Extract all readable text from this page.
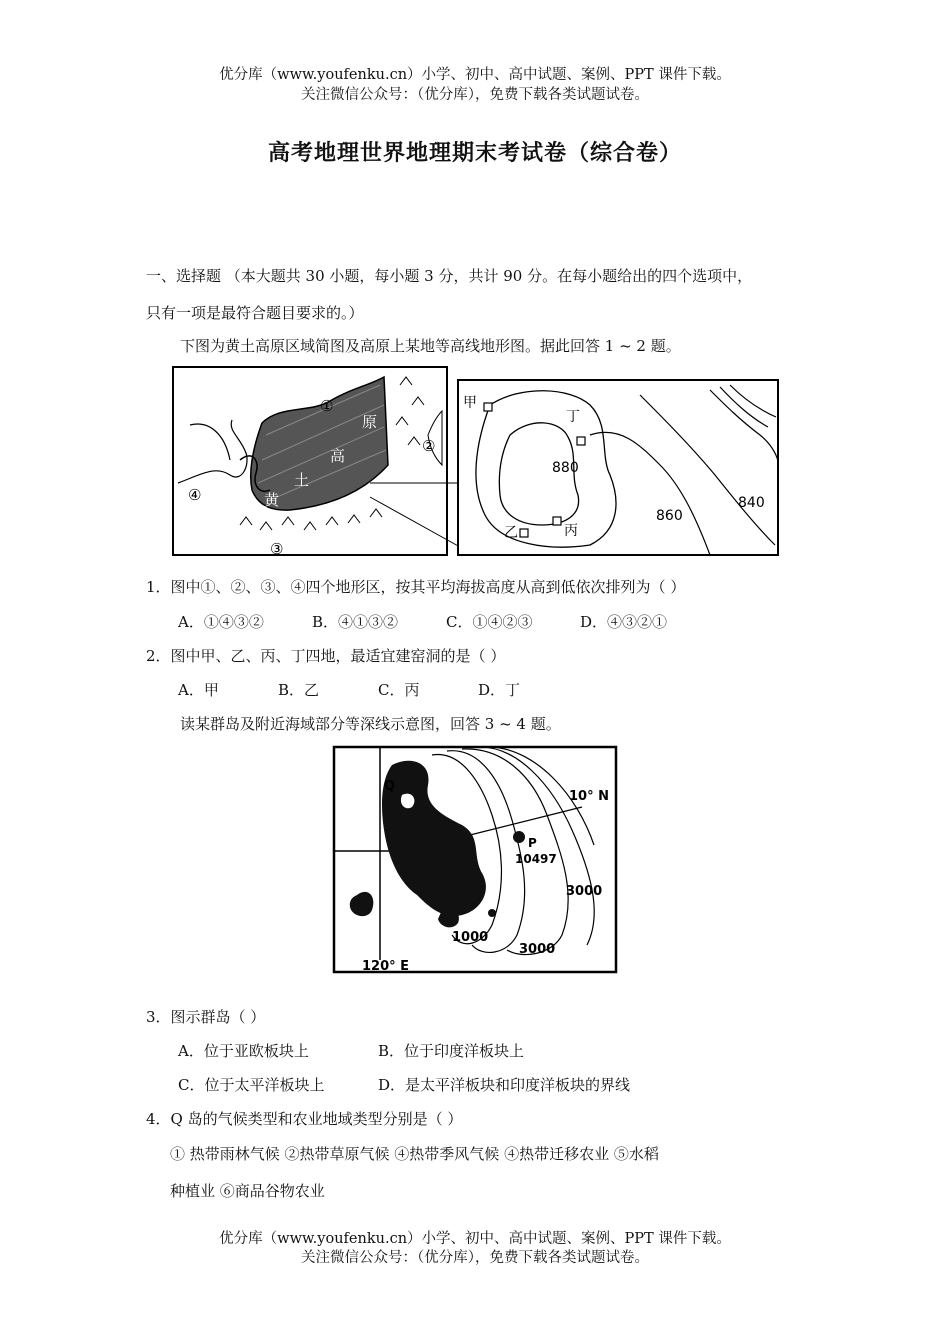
优分库（www.youfenku.cn）小学、初中、高中试题、案例、PPT 课件下载。
关注微信公众号：（优分库），免费下载各类试题试卷。
高考地理世界地理期末考试卷（综合卷）
一、选择题 （本大题共 30 小题，每小题 3 分，共计 90 分。在每小题给出的四个选项中，
只有一项是最符合题目要求的。）
下图为黄土高原区域简图及高原上某地等高线地形图。据此回答 1 ~ 2 题。
①
②
③
④
原
高
土
黄
甲
丁
乙	丙
880
860
840
1．图中①、②、③、④四个地形区，按其平均海拔高度从高到低依次排列为（ ）
A．①④③②	B．④①③②	C．①④②③	D．④③②①
2．图中甲、乙、丙、丁四地，最适宜建窑洞的是（ ）
A．甲	B．乙	C．丙	D．丁
读某群岛及附近海域部分等深线示意图，回答 3 ~ 4 题。
Q
P
10° N
10497
3000
3000
1000
120° E
3．图示群岛（ ）
A．位于亚欧板块上	B．位于印度洋板块上
C．位于太平洋板块上	D．是太平洋板块和印度洋板块的界线
4．Q 岛的气候类型和农业地域类型分别是（ ）
① 热带雨林气候 ②热带草原气候 ④热带季风气候 ④热带迁移农业 ⑤水稻
种植业 ⑥商品谷物农业
优分库（www.youfenku.cn）小学、初中、高中试题、案例、PPT 课件下载。
关注微信公众号：（优分库），免费下载各类试题试卷。
